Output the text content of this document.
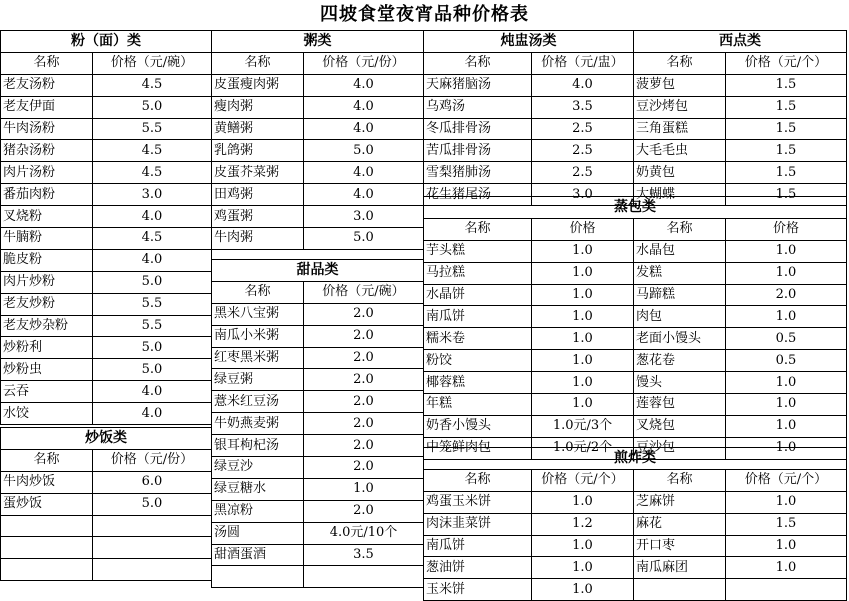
四坡食堂夜宵品种价格表
粉（面）类	
名称	价格（元/碗）
老友汤粉	4.5
老友伊面	5.0
牛肉汤粉	5.5
猪杂汤粉	4.5
肉片汤粉	4.5
番茄肉粉	3.0
叉烧粉	4.0
牛腩粉	4.5
脆皮粉	4.0
肉片炒粉	5.0
老友炒粉	5.5
老友炒杂粉	5.5
炒粉利	5.0
炒粉虫	5.0
云吞	4.0
水饺	4.0
炒饭类	
名称	价格（元/份）
牛肉炒饭	6.0
蛋炒饭	5.0

粥类	
名称	价格（元/份）
皮蛋瘦肉粥	4.0
瘦肉粥	4.0
黄鳝粥	4.0
乳鸽粥	5.0
皮蛋芥菜粥	4.0
田鸡粥	4.0
鸡蛋粥	3.0
牛肉粥	5.0
甜品类	
名称	价格（元/碗）
黑米八宝粥	2.0
南瓜小米粥	2.0
红枣黑米粥	2.0
绿豆粥	2.0
薏米红豆汤	2.0
牛奶燕麦粥	2.0
银耳枸杞汤	2.0
绿豆沙	2.0
绿豆糖水	1.0
黑凉粉	2.0
汤圆	4.0元/10个
甜酒蛋酒	3.5

炖盅汤类	
名称	价格（元/盅）
天麻猪脑汤	4.0
乌鸡汤	3.5
冬瓜排骨汤	2.5
苦瓜排骨汤	2.5
雪梨猪肺汤	2.5
花生猪尾汤	3.0
西点类	
名称	价格（元/个）
菠萝包	1.5
豆沙烤包	1.5
三角蛋糕	1.5
大毛毛虫	1.5
奶黄包	1.5
大蝴蝶	1.5
蒸包类			
名称	价格	名称	价格
芋头糕	1.0	水晶包	1.0
马拉糕	1.0	发糕	1.0
水晶饼	1.0	马蹄糕	2.0
南瓜饼	1.0	肉包	1.0
糯米卷	1.0	老面小馒头	0.5
粉饺	1.0	葱花卷	0.5
椰蓉糕	1.0	馒头	1.0
年糕	1.0	莲蓉包	1.0
奶香小馒头	1.0元/3个	叉烧包	1.0
中笼鲜肉包	1.0元/2个	豆沙包	1.0
煎炸类			
名称	价格（元/个）	名称	价格（元/个）
鸡蛋玉米饼	1.0	芝麻饼	1.0
肉沫韭菜饼	1.2	麻花	1.5
南瓜饼	1.0	开口枣	1.0
葱油饼	1.0	南瓜麻团	1.0
玉米饼	1.0		
